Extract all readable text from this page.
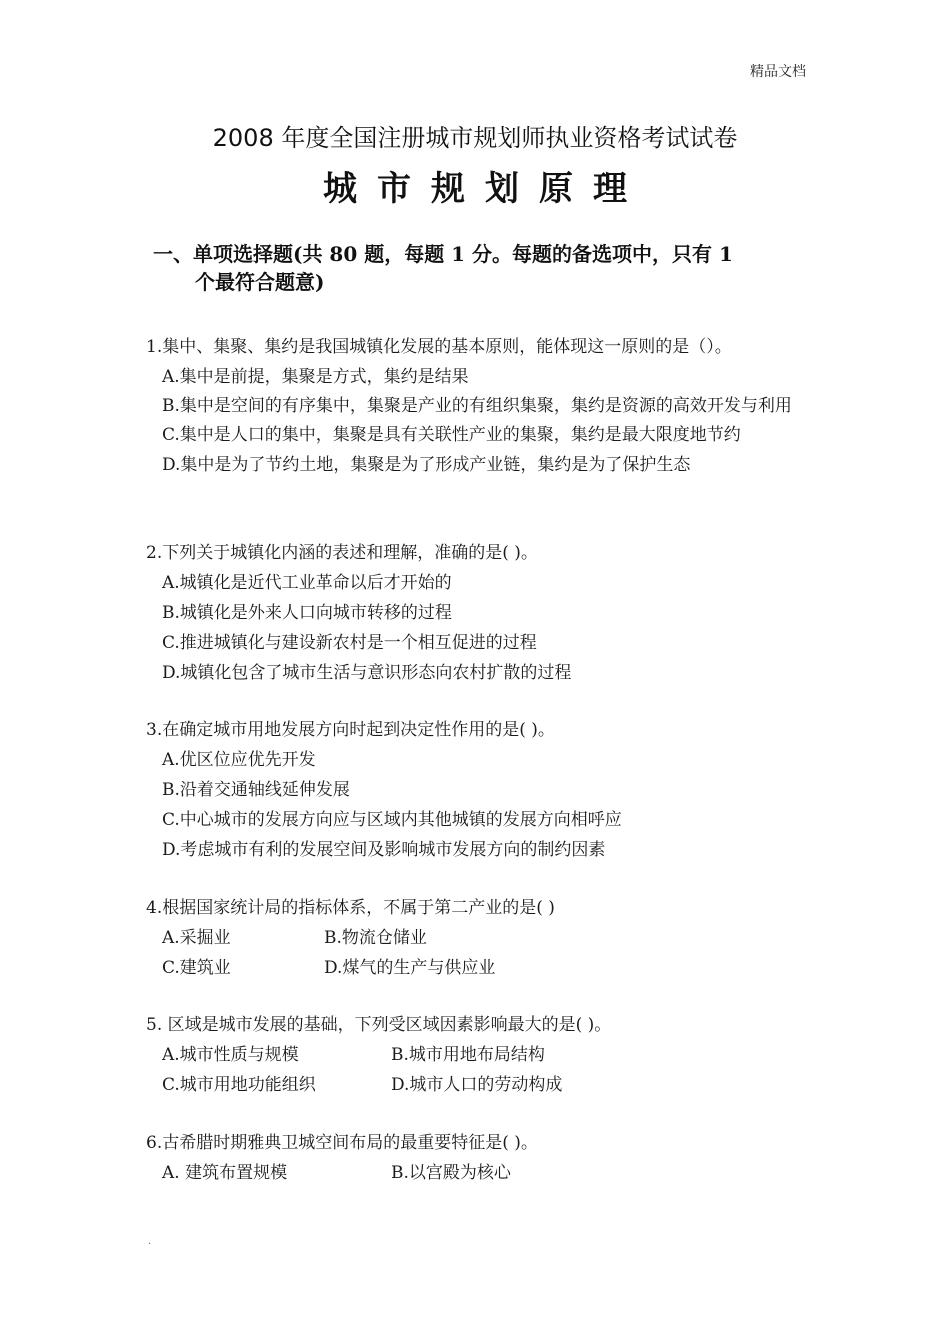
精品文档
2008 年度全国注册城市规划师执业资格考试试卷
城市规划原理
一、单项选择题(共 80 题，每题 1 分。每题的备选项中，只有 1
个最符合题意)
1.集中、集聚、集约是我国城镇化发展的基本原则，能体现这一原则的是（）。
A.集中是前提，集聚是方式，集约是结果
B.集中是空间的有序集中，集聚是产业的有组织集聚，集约是资源的高效开发与利用
C.集中是人口的集中，集聚是具有关联性产业的集聚，集约是最大限度地节约
D.集中是为了节约土地，集聚是为了形成产业链，集约是为了保护生态
2.下列关于城镇化内涵的表述和理解，准确的是( )。
A.城镇化是近代工业革命以后才开始的
B.城镇化是外来人口向城市转移的过程
C.推进城镇化与建设新农村是一个相互促进的过程
D.城镇化包含了城市生活与意识形态向农村扩散的过程
3.在确定城市用地发展方向时起到决定性作用的是( )。
A.优区位应优先开发
B.沿着交通轴线延伸发展
C.中心城市的发展方向应与区域内其他城镇的发展方向相呼应
D.考虑城市有利的发展空间及影响城市发展方向的制约因素
4.根据国家统计局的指标体系，不属于第二产业的是( )
A.采掘业	B.物流仓储业
C.建筑业	D.煤气的生产与供应业
5. 区域是城市发展的基础，下列受区域因素影响最大的是( )。
A.城市性质与规模	B.城市用地布局结构
C.城市用地功能组织	D.城市人口的劳动构成
6.古希腊时期雅典卫城空间布局的最重要特征是( )。
A. 建筑布置规模	B.以宫殿为核心
.
